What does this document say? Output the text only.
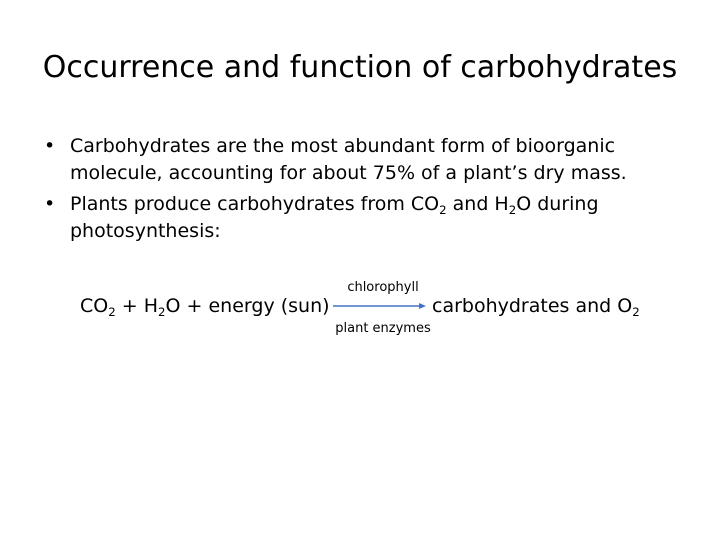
Occurrence and function of carbohydrates
• Carbohydrates are the most abundant form of bioorganic molecule, accounting for about 75% of a plant’s dry mass.
• Plants produce carbohydrates from $CO_2$ and $H_2O$ during photosynthesis:
$CO_2 + H_2O$ + energy (sun)
chlorophyll
plant enzymes
carbohydrates and $O_2$
